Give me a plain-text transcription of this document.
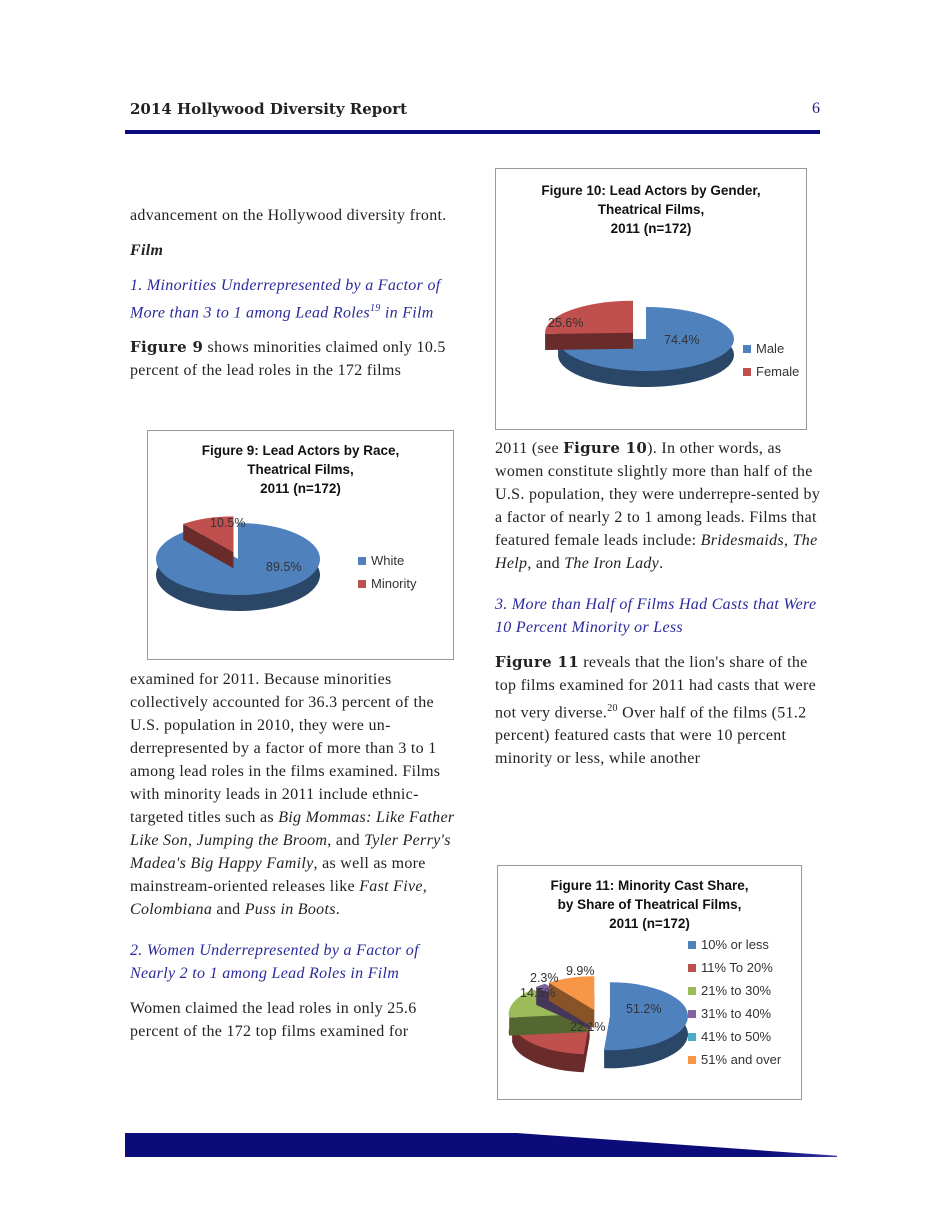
2014 Hollywood Diversity Report	6

advancement on the Hollywood diversity front.

Film

1. Minorities Underrepresented by a Factor of More than 3 to 1 among Lead Roles$^{19}$ in Film

Figure 9 shows minorities claimed only 10.5 percent of the lead roles in the 172 films

examined for 2011. Because minorities collectively accounted for 36.3 percent of the U.S. population in 2010, they were un-derrepresented by a factor of more than 3 to 1 among lead roles in the films examined. Films with minority leads in 2011 include ethnic-targeted titles such as Big Mommas: Like Father Like Son, Jumping the Broom, and Tyler Perry's Madea's Big Happy Family, as well as more mainstream-oriented releases like Fast Five, Colombiana and Puss in Boots.

2. Women Underrepresented by a Factor of Nearly 2 to 1 among Lead Roles in Film

Women claimed the lead roles in only 25.6 percent of the 172 top films examined for

2011 (see Figure 10). In other words, as women constitute slightly more than half of the U.S. population, they were underrepre-sented by a factor of nearly 2 to 1 among leads. Films that featured female leads include: Bridesmaids, The Help, and The Iron Lady.

3. More than Half of Films Had Casts that Were 10 Percent Minority or Less

Figure 11 reveals that the lion's share of the top films examined for 2011 had casts that were not very diverse.$^{20}$ Over half of the films (51.2 percent) featured casts that were 10 percent minority or less, while another

Figure 9: Lead Actors by Race,
Theatrical Films,
2011 (n=172)
89.5%
10.5%
White
Minority
Figure 10: Lead Actors by Gender,
Theatrical Films,
2011 (n=172)
74.4%
25.6%
Male
Female
Figure 11: Minority Cast Share,
by Share of Theatrical Films,
2011 (n=172)
51.2%
22.1%
14.5%
2.3% 9.9%
10% or less
11% To 20%
21% to 30%
31% to 40%
41% to 50%
51% and over
